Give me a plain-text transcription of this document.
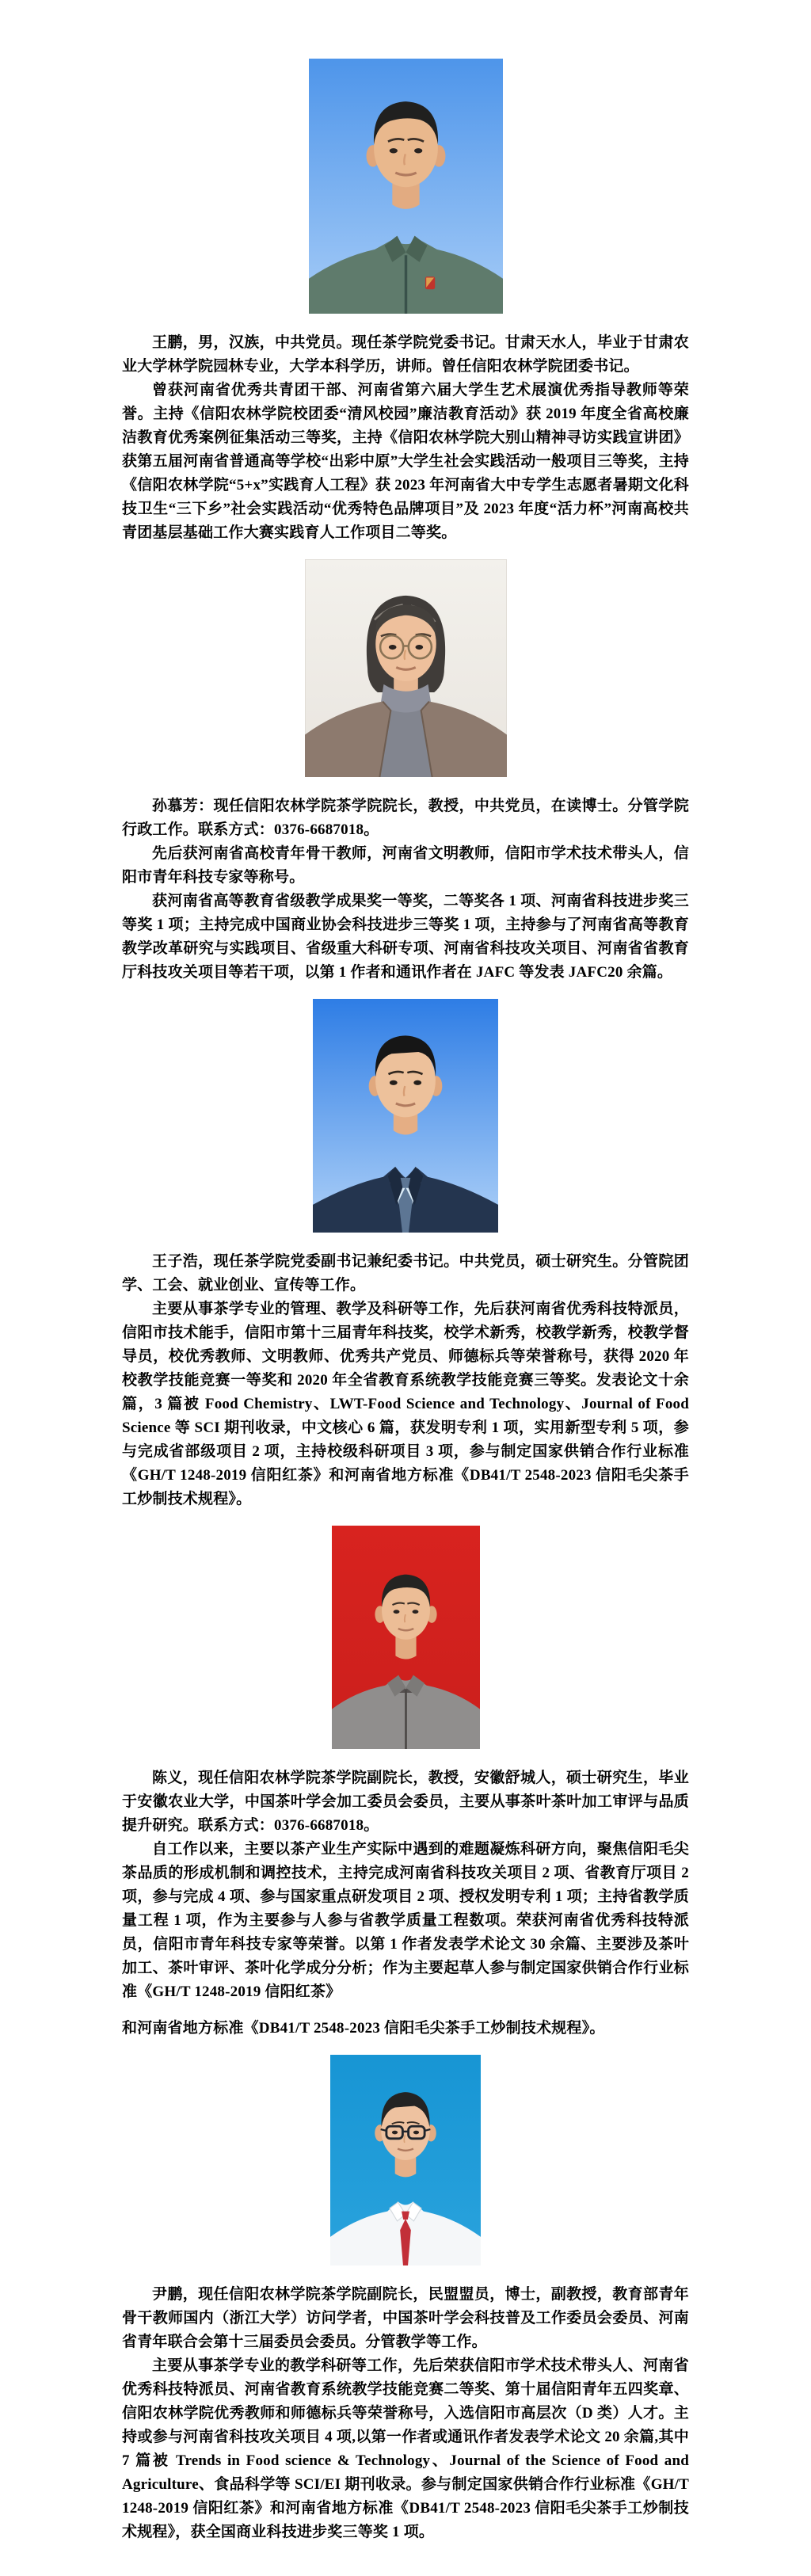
王鹏，男，汉族，中共党员。现任茶学院党委书记。甘肃天水人，毕业于甘肃农业大学林学院园林专业，大学本科学历，讲师。曾任信阳农林学院团委书记。

曾获河南省优秀共青团干部、河南省第六届大学生艺术展演优秀指导教师等荣誉。主持《信阳农林学院校团委“清风校园”廉洁教育活动》获 2019 年度全省高校廉洁教育优秀案例征集活动三等奖，主持《信阳农林学院大别山精神寻访实践宣讲团》获第五届河南省普通高等学校“出彩中原”大学生社会实践活动一般项目三等奖，主持《信阳农林学院“5+x”实践育人工程》获 2023 年河南省大中专学生志愿者暑期文化科技卫生“三下乡”社会实践活动“优秀特色品牌项目”及 2023 年度“活力杯”河南高校共青团基层基础工作大赛实践育人工作项目二等奖。

孙慕芳：现任信阳农林学院茶学院院长，教授，中共党员，在读博士。分管学院行政工作。联系方式：0376-6687018。

先后获河南省高校青年骨干教师，河南省文明教师，信阳市学术技术带头人，信阳市青年科技专家等称号。

获河南省高等教育省级教学成果奖一等奖，二等奖各 1 项、河南省科技进步奖三等奖 1 项；主持完成中国商业协会科技进步三等奖 1 项，主持参与了河南省高等教育教学改革研究与实践项目、省级重大科研专项、河南省科技攻关项目、河南省省教育厅科技攻关项目等若干项，以第 1 作者和通讯作者在 JAFC 等发表 JAFC20 余篇。

王子浩，现任茶学院党委副书记兼纪委书记。中共党员，硕士研究生。分管院团学、工会、就业创业、宣传等工作。

主要从事茶学专业的管理、教学及科研等工作，先后获河南省优秀科技特派员，信阳市技术能手，信阳市第十三届青年科技奖，校学术新秀，校教学新秀，校教学督导员，校优秀教师、文明教师、优秀共产党员、师德标兵等荣誉称号，获得 2020 年校教学技能竞赛一等奖和 2020 年全省教育系统教学技能竞赛三等奖。发表论文十余篇，3 篇被 Food Chemistry、LWT-Food Science and Technology、Journal of Food Science 等 SCI 期刊收录，中文核心 6 篇，获发明专利 1 项，实用新型专利 5 项，参与完成省部级项目 2 项，主持校级科研项目 3 项，参与制定国家供销合作行业标准《GH/T 1248-2019 信阳红茶》和河南省地方标准《DB41/T 2548-2023 信阳毛尖茶手工炒制技术规程》。

陈义，现任信阳农林学院茶学院副院长，教授，安徽舒城人，硕士研究生，毕业于安徽农业大学，中国茶叶学会加工委员会委员，主要从事茶叶茶叶加工审评与品质提升研究。联系方式：0376-6687018。

自工作以来，主要以茶产业生产实际中遇到的难题凝炼科研方向，聚焦信阳毛尖茶品质的形成机制和调控技术，主持完成河南省科技攻关项目 2 项、省教育厅项目 2 项，参与完成 4 项、参与国家重点研发项目 2 项、授权发明专利 1 项；主持省教学质量工程 1 项，作为主要参与人参与省教学质量工程数项。荣获河南省优秀科技特派员，信阳市青年科技专家等荣誉。以第 1 作者发表学术论文 30 余篇、主要涉及茶叶加工、茶叶审评、茶叶化学成分分析；作为主要起草人参与制定国家供销合作行业标准《GH/T 1248-2019 信阳红茶》

和河南省地方标准《DB41/T 2548-2023 信阳毛尖茶手工炒制技术规程》。

尹鹏，现任信阳农林学院茶学院副院长，民盟盟员，博士，副教授，教育部青年骨干教师国内（浙江大学）访问学者，中国茶叶学会科技普及工作委员会委员、河南省青年联合会第十三届委员会委员。分管教学等工作。

主要从事茶学专业的教学科研等工作，先后荣获信阳市学术技术带头人、河南省优秀科技特派员、河南省教育系统教学技能竞赛二等奖、第十届信阳青年五四奖章、信阳农林学院优秀教师和师德标兵等荣誉称号，入选信阳市高层次（D 类）人才。主持或参与河南省科技攻关项目 4 项,以第一作者或通讯作者发表学术论文 20 余篇,其中 7 篇被 Trends in Food science & Technology、Journal of the Science of Food and Agriculture、食品科学等 SCI/EI 期刊收录。参与制定国家供销合作行业标准《GH/T 1248-2019 信阳红茶》和河南省地方标准《DB41/T 2548-2023 信阳毛尖茶手工炒制技术规程》，获全国商业科技进步奖三等奖 1 项。
